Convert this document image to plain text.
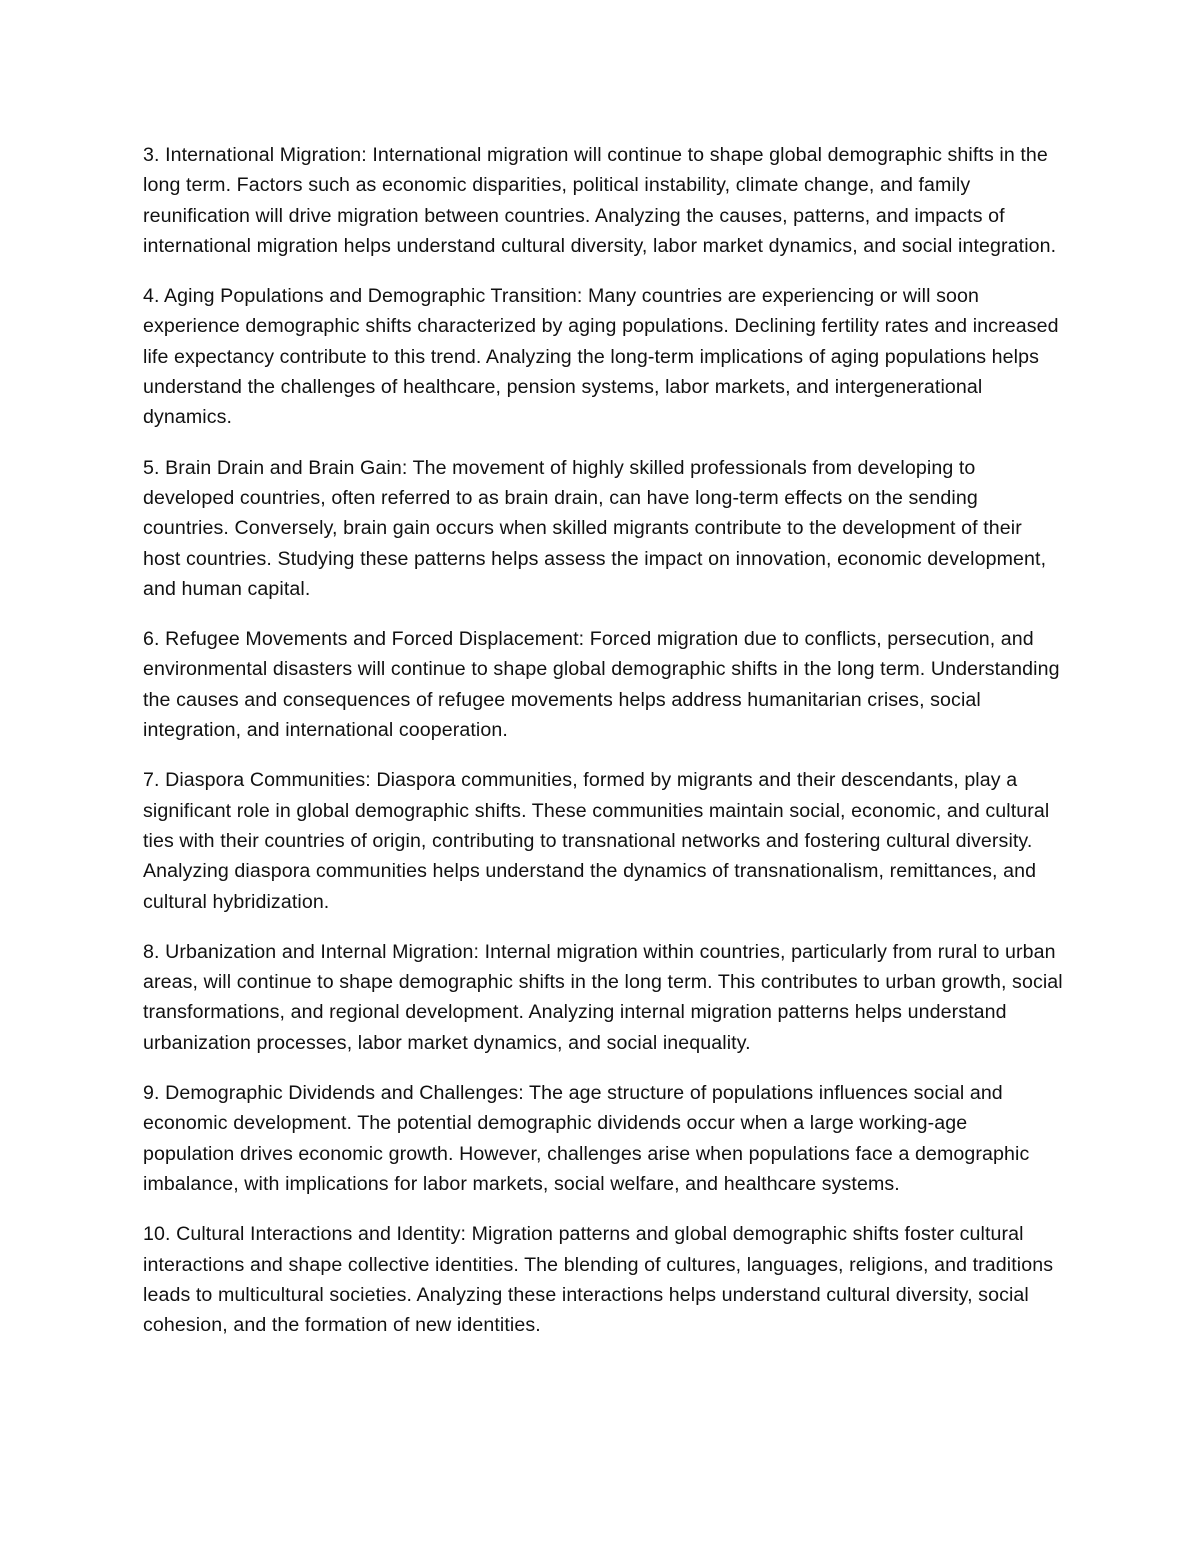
3. International Migration: International migration will continue to shape global demographic shifts in the long term. Factors such as economic disparities, political instability, climate change, and family reunification will drive migration between countries. Analyzing the causes, patterns, and impacts of international migration helps understand cultural diversity, labor market dynamics, and social integration.

4. Aging Populations and Demographic Transition: Many countries are experiencing or will soon experience demographic shifts characterized by aging populations. Declining fertility rates and increased life expectancy contribute to this trend. Analyzing the long-term implications of aging populations helps understand the challenges of healthcare, pension systems, labor markets, and intergenerational dynamics.

5. Brain Drain and Brain Gain: The movement of highly skilled professionals from developing to developed countries, often referred to as brain drain, can have long-term effects on the sending countries. Conversely, brain gain occurs when skilled migrants contribute to the development of their host countries. Studying these patterns helps assess the impact on innovation, economic development, and human capital.

6. Refugee Movements and Forced Displacement: Forced migration due to conflicts, persecution, and environmental disasters will continue to shape global demographic shifts in the long term. Understanding the causes and consequences of refugee movements helps address humanitarian crises, social integration, and international cooperation.

7. Diaspora Communities: Diaspora communities, formed by migrants and their descendants, play a significant role in global demographic shifts. These communities maintain social, economic, and cultural ties with their countries of origin, contributing to transnational networks and fostering cultural diversity. Analyzing diaspora communities helps understand the dynamics of transnationalism, remittances, and cultural hybridization.

8. Urbanization and Internal Migration: Internal migration within countries, particularly from rural to urban areas, will continue to shape demographic shifts in the long term. This contributes to urban growth, social transformations, and regional development. Analyzing internal migration patterns helps understand urbanization processes, labor market dynamics, and social inequality.

9. Demographic Dividends and Challenges: The age structure of populations influences social and economic development. The potential demographic dividends occur when a large working-age population drives economic growth. However, challenges arise when populations face a demographic imbalance, with implications for labor markets, social welfare, and healthcare systems.

10. Cultural Interactions and Identity: Migration patterns and global demographic shifts foster cultural interactions and shape collective identities. The blending of cultures, languages, religions, and traditions leads to multicultural societies. Analyzing these interactions helps understand cultural diversity, social cohesion, and the formation of new identities.
